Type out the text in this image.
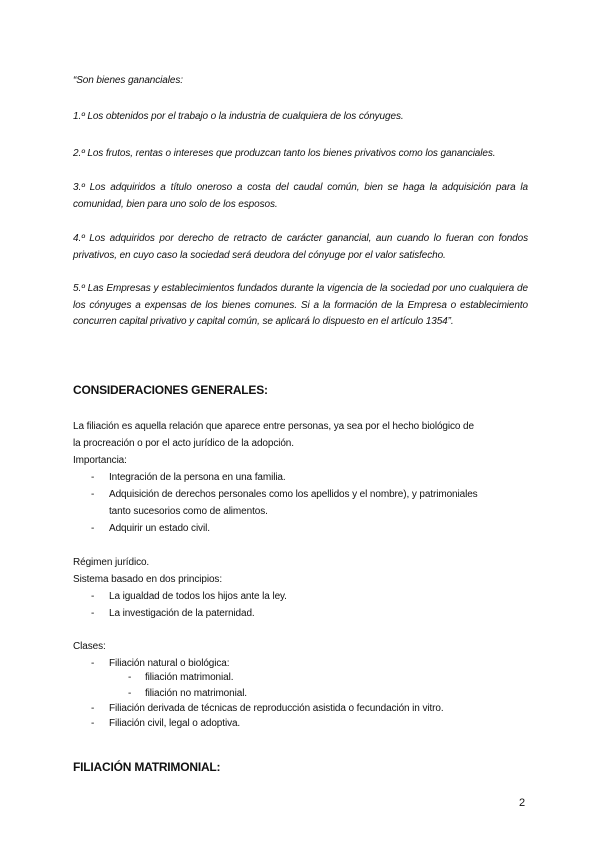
“Son bienes gananciales:
1.º Los obtenidos por el trabajo o la industria de cualquiera de los cónyuges.
2.º Los frutos, rentas o intereses que produzcan tanto los bienes privativos como los gananciales.
3.º Los adquiridos a título oneroso a costa del caudal común, bien se haga la adquisición para la comunidad, bien para uno solo de los esposos.
4.º Los adquiridos por derecho de retracto de carácter ganancial, aun cuando lo fueran con fondos privativos, en cuyo caso la sociedad será deudora del cónyuge por el valor satisfecho.
5.º Las Empresas y establecimientos fundados durante la vigencia de la sociedad por uno cualquiera de los cónyuges a expensas de los bienes comunes. Si a la formación de la Empresa o establecimiento concurren capital privativo y capital común, se aplicará lo dispuesto en el artículo 1354”.
CONSIDERACIONES GENERALES:
La filiación es aquella relación que aparece entre personas, ya sea por el hecho biológico de
la procreación o por el acto jurídico de la adopción.
Importancia:
- Integración de la persona en una familia.
- Adquisición de derechos personales como los apellidos y el nombre), y patrimoniales
tanto sucesorios como de alimentos.
- Adquirir un estado civil.
Régimen jurídico.
Sistema basado en dos principios:
- La igualdad de todos los hijos ante la ley.
- La investigación de la paternidad.
Clases:
- Filiación natural o biológica:
- filiación matrimonial.
- filiación no matrimonial.
- Filiación derivada de técnicas de reproducción asistida o fecundación in vitro.
- Filiación civil, legal o adoptiva.
FILIACIÓN MATRIMONIAL:
2
